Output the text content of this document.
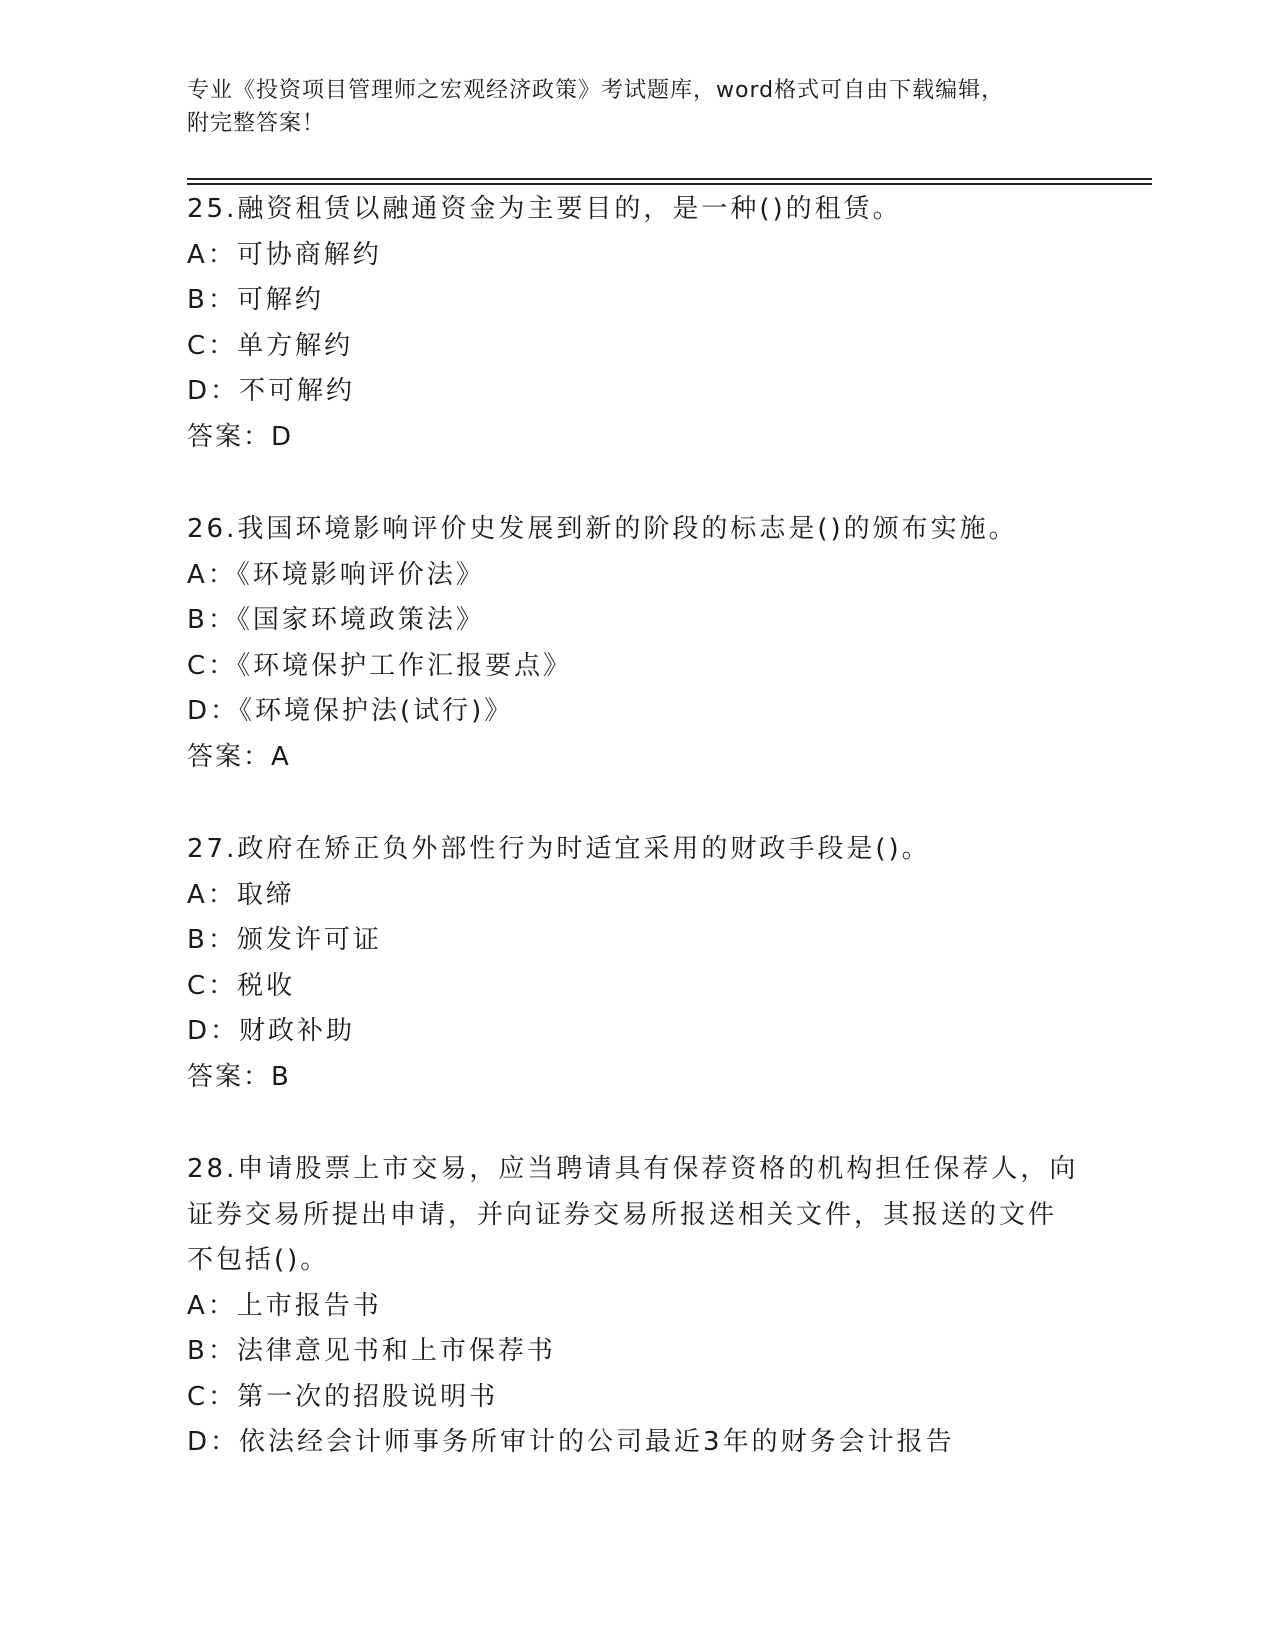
专业《投资项目管理师之宏观经济政策》考试题库，word格式可自由下载编辑，
附完整答案！

25.融资租赁以融通资金为主要目的，是一种()的租赁。

A：可协商解约

B：可解约

C：单方解约

D：不可解约

答案：D

26.我国环境影响评价史发展到新的阶段的标志是()的颁布实施。

A：《环境影响评价法》

B：《国家环境政策法》

C：《环境保护工作汇报要点》

D：《环境保护法(试行)》

答案：A

27.政府在矫正负外部性行为时适宜采用的财政手段是()。

A：取缔

B：颁发许可证

C：税收

D：财政补助

答案：B

28.申请股票上市交易，应当聘请具有保荐资格的机构担任保荐人，向

证券交易所提出申请，并向证券交易所报送相关文件，其报送的文件

不包括()。

A：上市报告书

B：法律意见书和上市保荐书

C：第一次的招股说明书

D：依法经会计师事务所审计的公司最近3年的财务会计报告
